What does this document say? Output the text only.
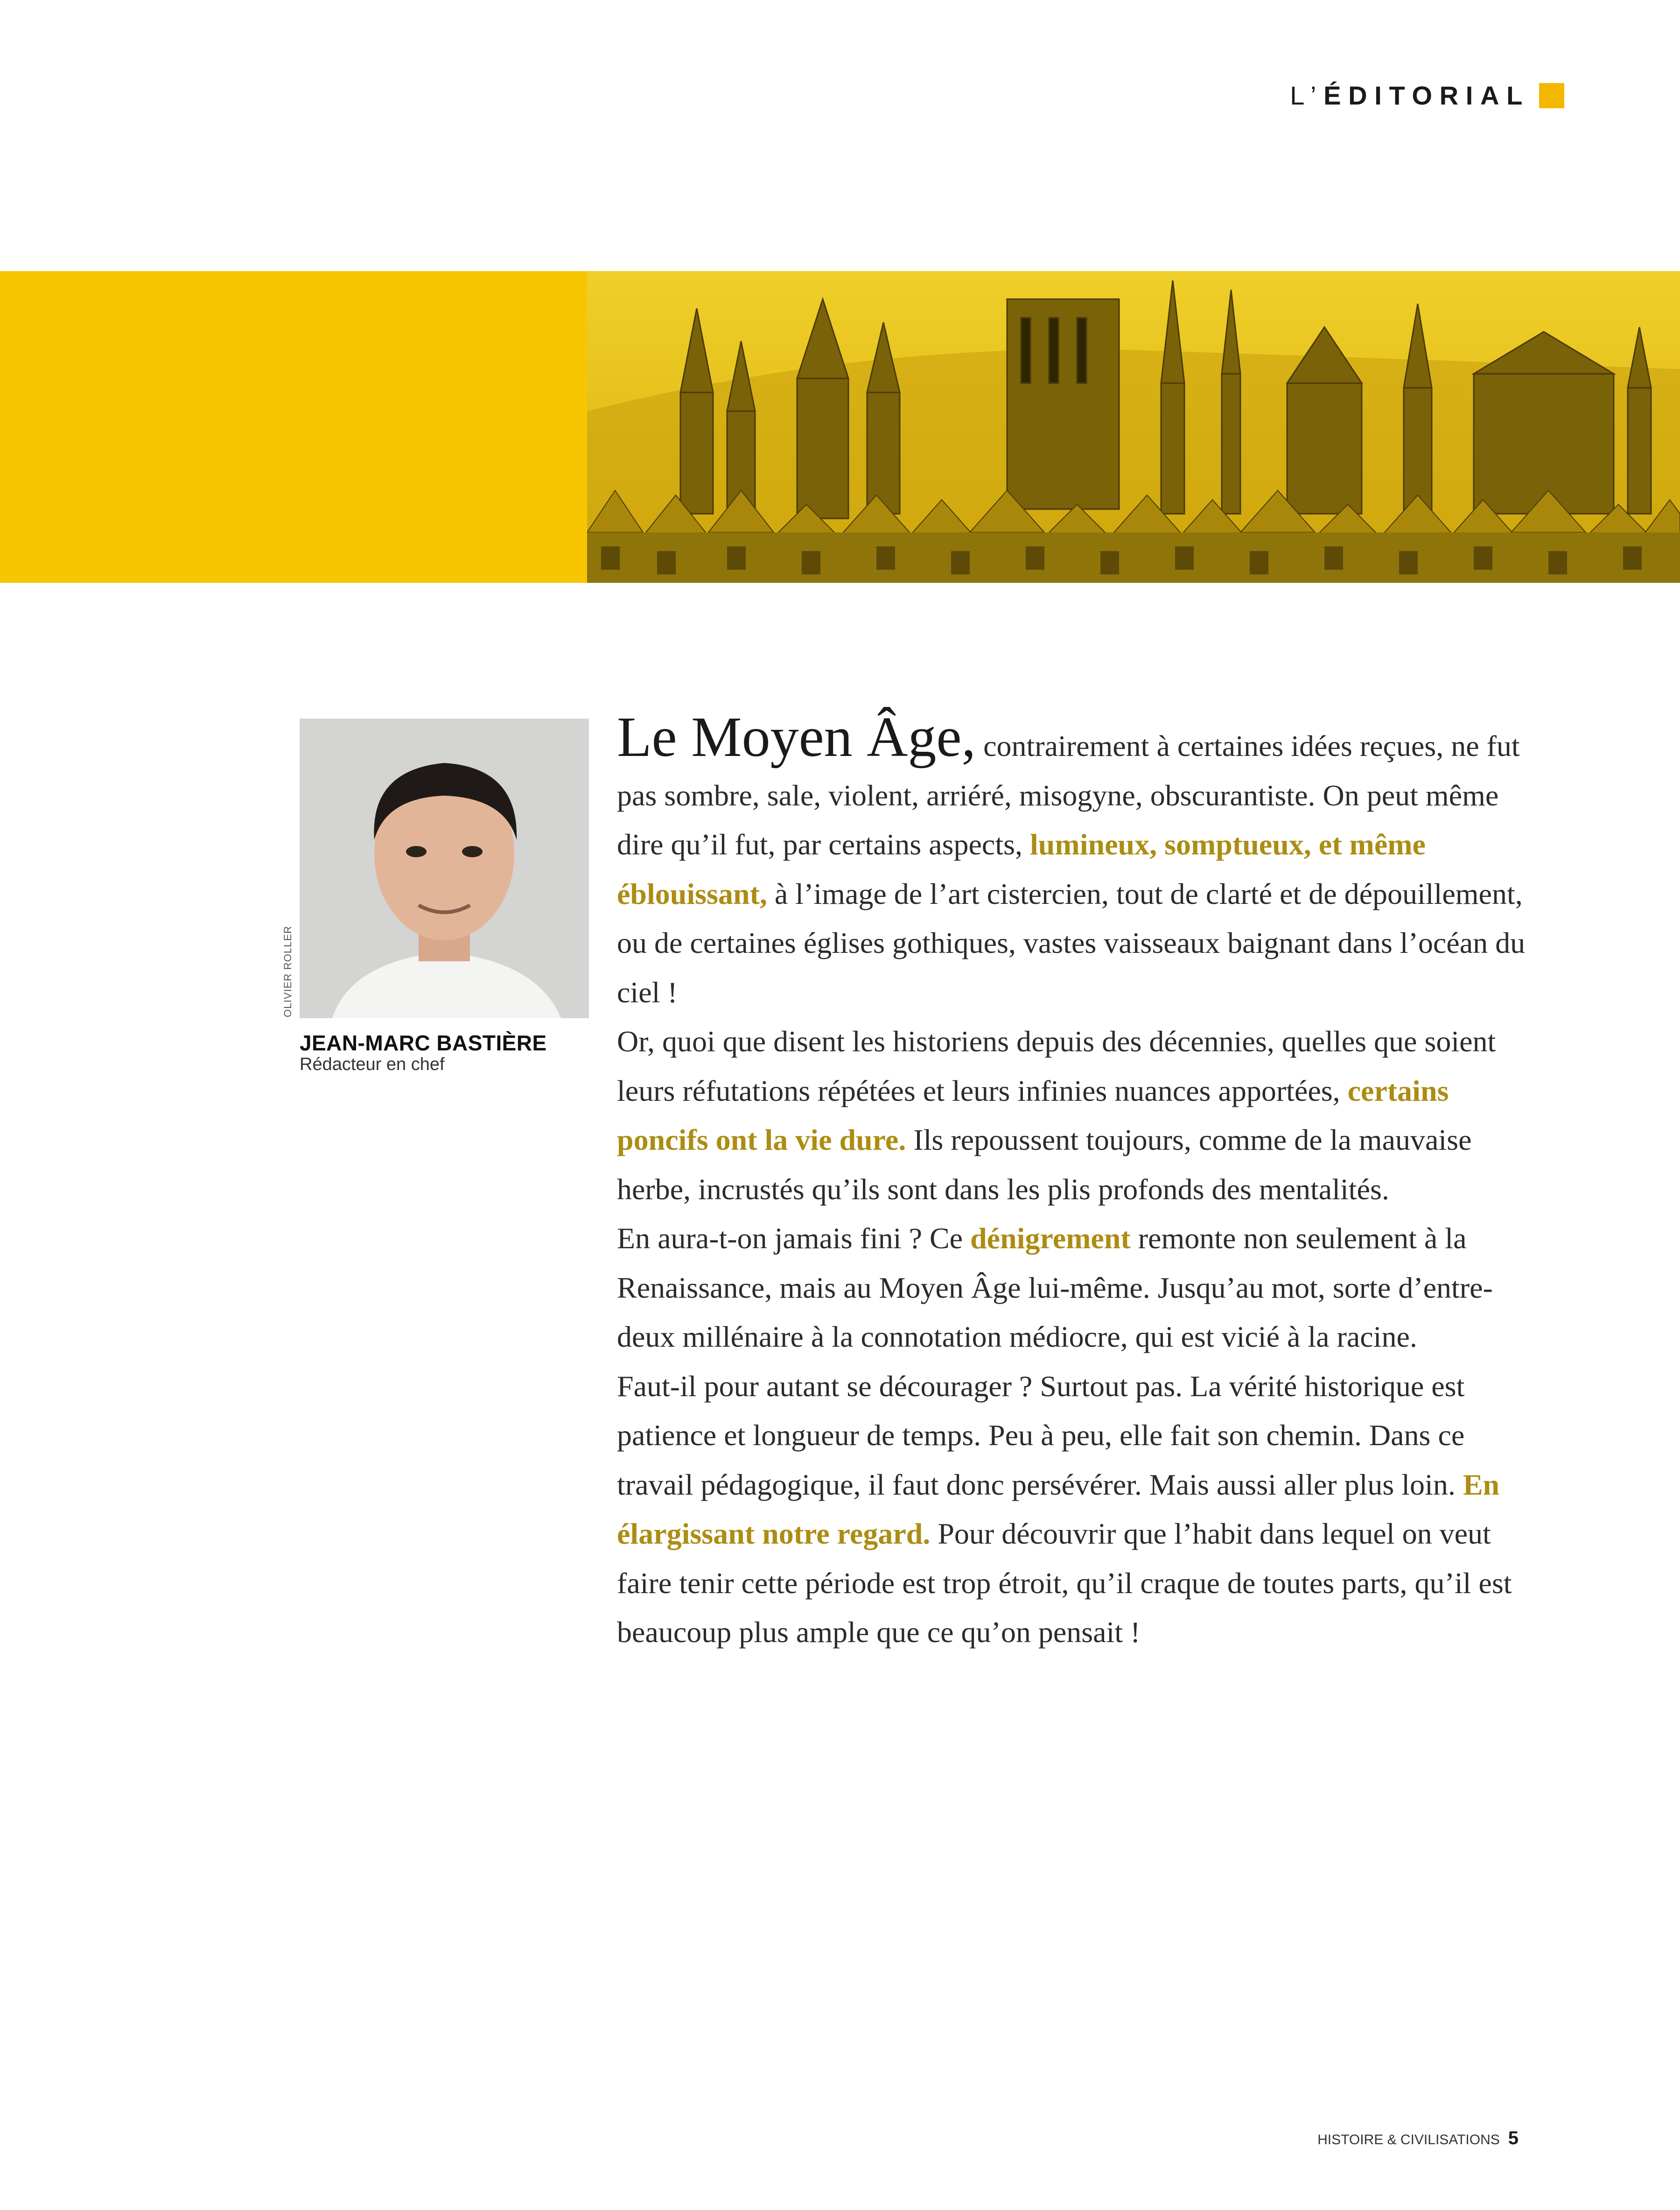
L’ ÉDITORIAL
OLIVIER ROLLER
JEAN-MARC BASTIÈRE
Rédacteur en chef

Le Moyen Âge, contrairement à certaines idées reçues, ne fut pas sombre, sale, violent, arriéré, misogyne, obscurantiste. On peut même dire qu’il fut, par certains aspects, lumineux, somptueux, et même éblouissant, à l’image de l’art cistercien, tout de clarté et de dépouillement, ou de certaines églises gothiques, vastes vaisseaux baignant dans l’océan du ciel !

Or, quoi que disent les historiens depuis des décennies, quelles que soient leurs réfutations répétées et leurs infinies nuances apportées, certains poncifs ont la vie dure. Ils repoussent toujours, comme de la mauvaise herbe, incrustés qu’ils sont dans les plis profonds des mentalités.

En aura-t-on jamais fini ? Ce dénigrement remonte non seulement à la Renaissance, mais au Moyen Âge lui-même. Jusqu’au mot, sorte d’entre-deux millénaire à la connotation médiocre, qui est vicié à la racine.

Faut-il pour autant se décourager ? Surtout pas. La vérité historique est patience et longueur de temps. Peu à peu, elle fait son chemin. Dans ce travail pédagogique, il faut donc persévérer. Mais aussi aller plus loin. En élargissant notre regard. Pour découvrir que l’habit dans lequel on veut faire tenir cette période est trop étroit, qu’il craque de toutes parts, qu’il est beaucoup plus ample que ce qu’on pensait !

HISTOIRE & CIVILISATIONS 5
